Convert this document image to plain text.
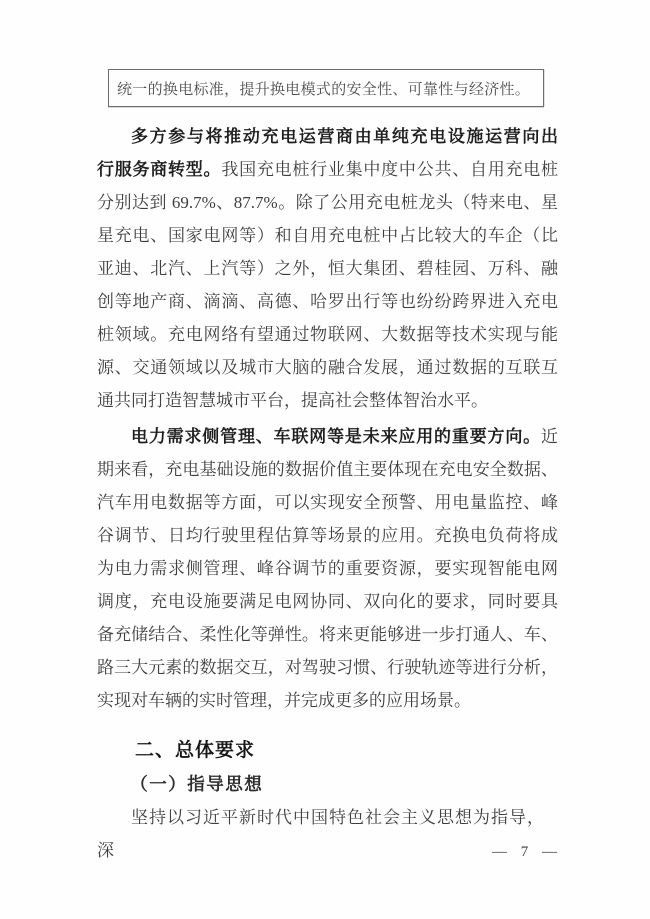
统一的换电标准，提升换电模式的安全性、可靠性与经济性。
多方参与将推动充电运营商由单纯充电设施运营向出
行服务商转型。我国充电桩行业集中度中公共、自用充电桩
分别达到 69.7%、87.7%。除了公用充电桩龙头（特来电、星
星充电、国家电网等）和自用充电桩中占比较大的车企（比
亚迪、北汽、上汽等）之外，恒大集团、碧桂园、万科、融
创等地产商、滴滴、高德、哈罗出行等也纷纷跨界进入充电
桩领域。充电网络有望通过物联网、大数据等技术实现与能
源、交通领域以及城市大脑的融合发展，通过数据的互联互
通共同打造智慧城市平台，提高社会整体智治水平。
电力需求侧管理、车联网等是未来应用的重要方向。近
期来看，充电基础设施的数据价值主要体现在充电安全数据、
汽车用电数据等方面，可以实现安全预警、用电量监控、峰
谷调节、日均行驶里程估算等场景的应用。充换电负荷将成
为电力需求侧管理、峰谷调节的重要资源，要实现智能电网
调度，充电设施要满足电网协同、双向化的要求，同时要具
备充储结合、柔性化等弹性。将来更能够进一步打通人、车、
路三大元素的数据交互，对驾驶习惯、行驶轨迹等进行分析，
实现对车辆的实时管理，并完成更多的应用场景。
二、总体要求
（一）指导思想
坚持以习近平新时代中国特色社会主义思想为指导，深	— 7 —
